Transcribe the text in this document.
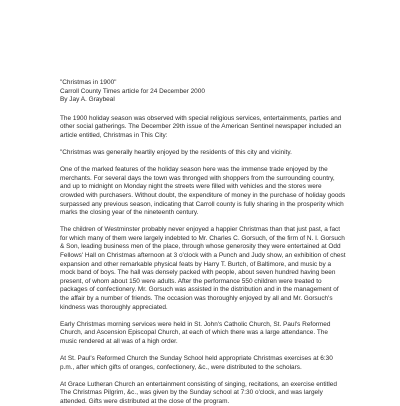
"Christmas in 1900"
Carroll County Times article for 24 December 2000
By Jay A. Graybeal

The 1900 holiday season was observed with special religious services, entertainments, parties and other social gatherings. The December 29th issue of the American Sentinel newspaper included an article entitled, Christmas in This City:

"Christmas was generally heartily enjoyed by the residents of this city and vicinity.

One of the marked features of the holiday season here was the immense trade enjoyed by the merchants. For several days the town was thronged with shoppers from the surrounding country, and up to midnight on Monday night the streets were filled with vehicles and the stores were crowded with purchasers. Without doubt, the expenditure of money in the purchase of holiday goods surpassed any previous season, indicating that Carroll county is fully sharing in the prosperity which marks the closing year of the nineteenth century.

The children of Westminster probably never enjoyed a happier Christmas than that just past, a fact for which many of them were largely indebted to Mr. Charles C. Gorsuch, of the firm of N. I. Gorsuch & Son, leading business men of the place, through whose generosity they were entertained at Odd Fellows' Hall on Christmas afternoon at 3 o'clock with a Punch and Judy show, an exhibition of chest expansion and other remarkable physical feats by Harry T. Burtch, of Baltimore, and music by a mock band of boys. The hall was densely packed with people, about seven hundred having been present, of whom about 150 were adults. After the performance 550 children were treated to packages of confectionery. Mr. Gorsuch was assisted in the distribution and in the management of the affair by a number of friends. The occasion was thoroughly enjoyed by all and Mr. Gorsuch's kindness was thoroughly appreciated.

Early Christmas morning services were held in St. John's Catholic Church, St. Paul's Reformed Church, and Ascension Episcopal Church, at each of which there was a large attendance. The music rendered at all was of a high order.

At St. Paul's Reformed Church the Sunday School held appropriate Christmas exercises at 6:30 p.m., after which gifts of oranges, confectionery, &c., were distributed to the scholars.

At Grace Lutheran Church an entertainment consisting of singing, recitations, an exercise entitled The Christmas Pilgrim, &c., was given by the Sunday school at 7:30 o'clock, and was largely attended. Gifts were distributed at the close of the program.
